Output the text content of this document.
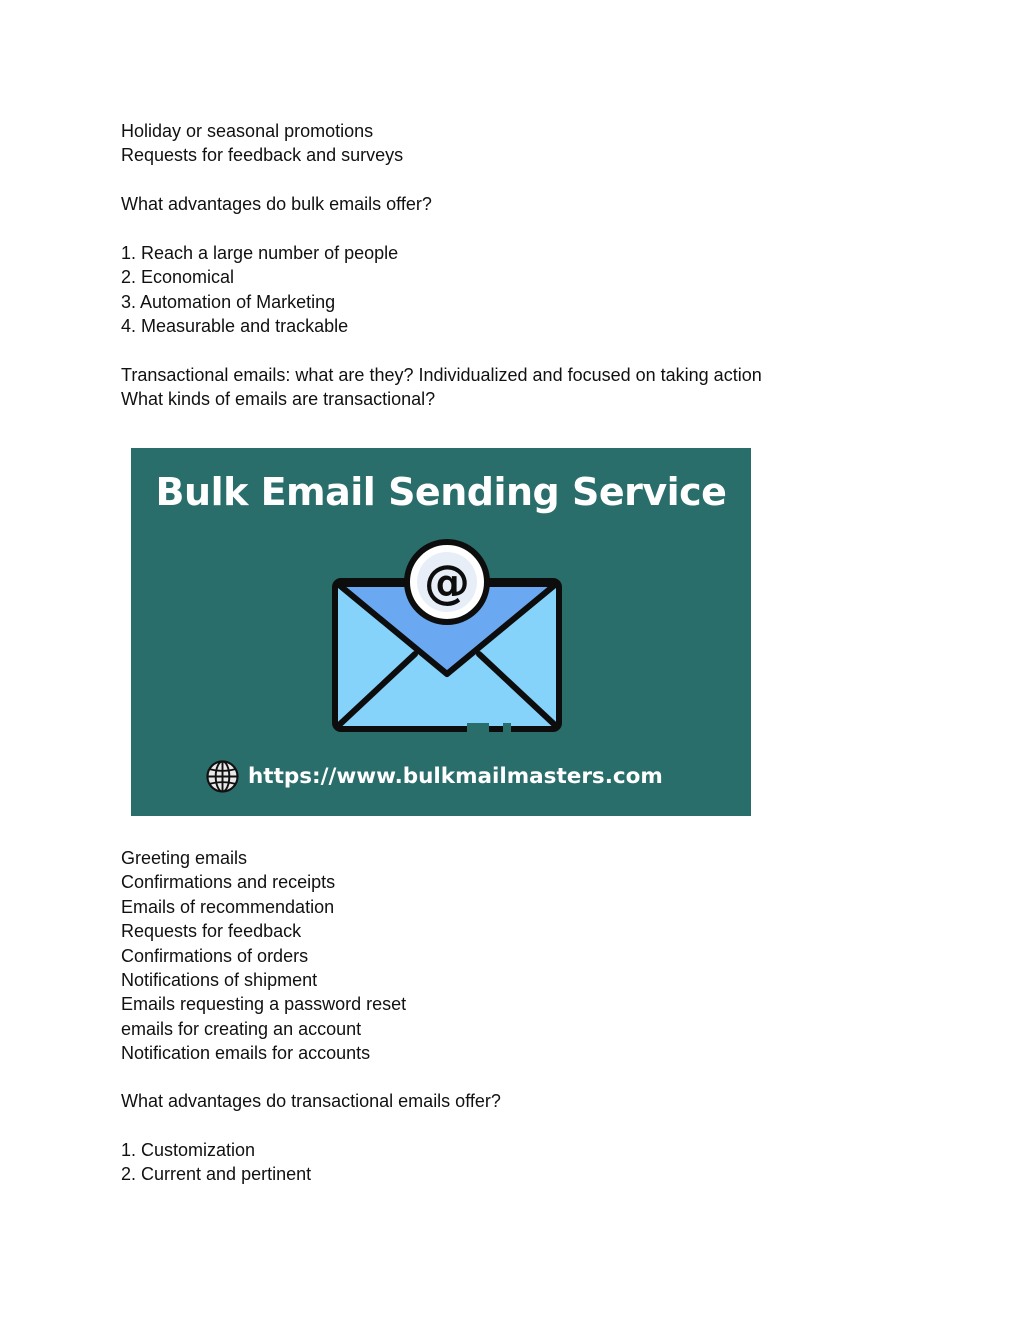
Holiday or seasonal promotions
Requests for feedback and surveys
What advantages do bulk emails offer?
1. Reach a large number of people
2. Economical
3. Automation of Marketing
4. Measurable and trackable
Transactional emails: what are they? Individualized and focused on taking action
What kinds of emails are transactional?
Bulk Email Sending Service
@
https://www.bulkmailmasters.com
Greeting emails
Confirmations and receipts
Emails of recommendation
Requests for feedback
Confirmations of orders
Notifications of shipment
Emails requesting a password reset
emails for creating an account
Notification emails for accounts
What advantages do transactional emails offer?
1. Customization
2. Current and pertinent
